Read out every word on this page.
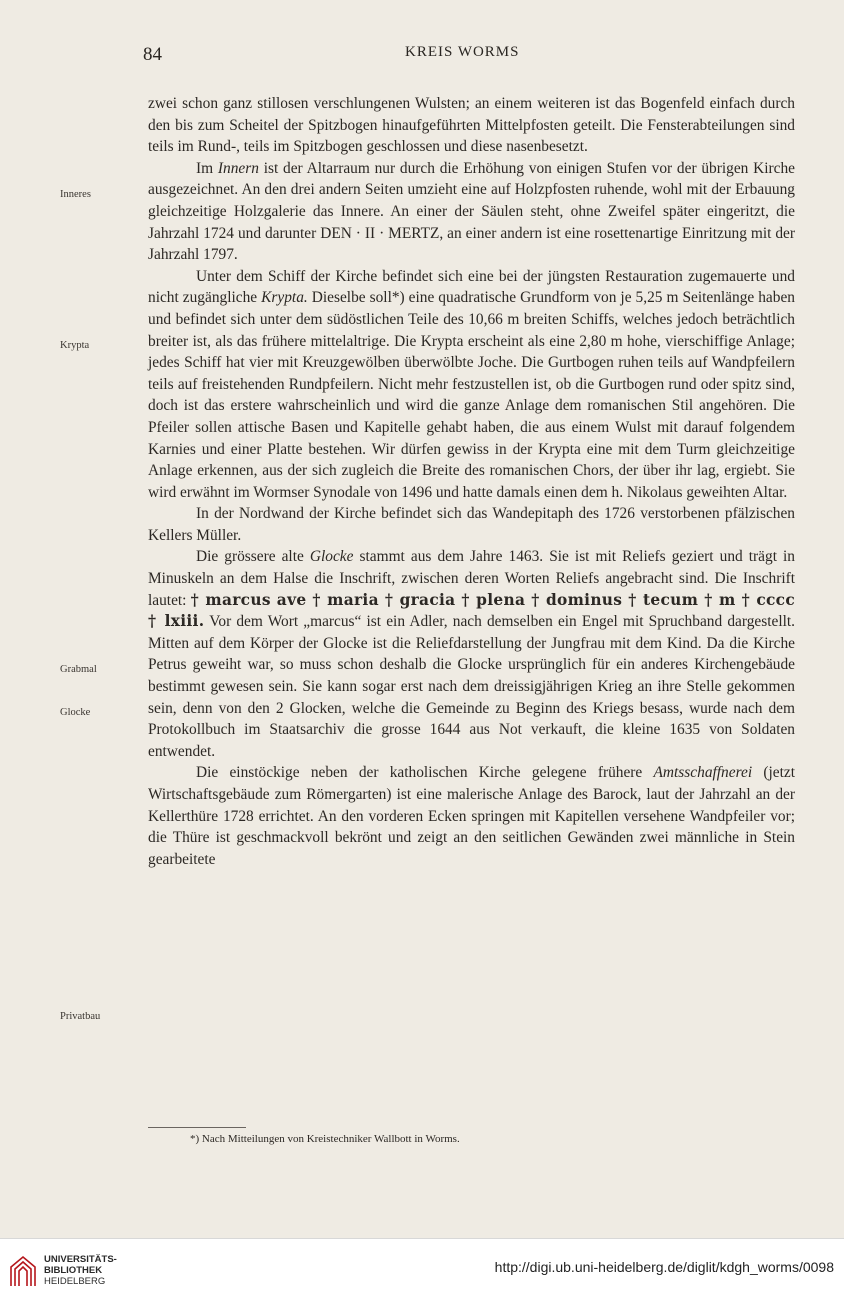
84	KREIS WORMS
Inneres
Krypta
Grabmal
Glocke
Privatbau

zwei schon ganz stillosen verschlungenen Wulsten; an einem weiteren ist das Bogenfeld einfach durch den bis zum Scheitel der Spitzbogen hinaufgeführten Mittelpfosten geteilt. Die Fensterabteilungen sind teils im Rund-, teils im Spitzbogen geschlossen und diese nasenbesetzt.

Im Innern ist der Altarraum nur durch die Erhöhung von einigen Stufen vor der übrigen Kirche ausgezeichnet. An den drei andern Seiten umzieht eine auf Holzpfosten ruhende, wohl mit der Erbauung gleichzeitige Holzgalerie das Innere. An einer der Säulen steht, ohne Zweifel später eingeritzt, die Jahrzahl 1724 und darunter DEN · II · MERTZ, an einer andern ist eine rosettenartige Einritzung mit der Jahrzahl 1797.

Unter dem Schiff der Kirche befindet sich eine bei der jüngsten Restauration zugemauerte und nicht zugängliche Krypta. Dieselbe soll*) eine quadratische Grundform von je 5,25 m Seitenlänge haben und befindet sich unter dem südöstlichen Teile des 10,66 m breiten Schiffs, welches jedoch beträchtlich breiter ist, als das frühere mittelaltrige. Die Krypta erscheint als eine 2,80 m hohe, vierschiffige Anlage; jedes Schiff hat vier mit Kreuzgewölben überwölbte Joche. Die Gurtbogen ruhen teils auf Wandpfeilern teils auf freistehenden Rundpfeilern. Nicht mehr festzustellen ist, ob die Gurtbogen rund oder spitz sind, doch ist das erstere wahrscheinlich und wird die ganze Anlage dem romanischen Stil angehören. Die Pfeiler sollen attische Basen und Kapitelle gehabt haben, die aus einem Wulst mit darauf folgendem Karnies und einer Platte bestehen. Wir dürfen gewiss in der Krypta eine mit dem Turm gleichzeitige Anlage erkennen, aus der sich zugleich die Breite des romanischen Chors, der über ihr lag, ergiebt. Sie wird erwähnt im Wormser Synodale von 1496 und hatte damals einen dem h. Nikolaus geweihten Altar.

In der Nordwand der Kirche befindet sich das Wandepitaph des 1726 verstorbenen pfälzischen Kellers Müller.

Die grössere alte Glocke stammt aus dem Jahre 1463. Sie ist mit Reliefs geziert und trägt in Minuskeln an dem Halse die Inschrift, zwischen deren Worten Reliefs angebracht sind. Die Inschrift lautet: † marcus ave † maria † gracia † plena † dominus † tecum † m † cccc † lxiii. Vor dem Wort „marcus“ ist ein Adler, nach demselben ein Engel mit Spruchband dargestellt. Mitten auf dem Körper der Glocke ist die Reliefdarstellung der Jungfrau mit dem Kind. Da die Kirche Petrus geweiht war, so muss schon deshalb die Glocke ursprünglich für ein anderes Kirchengebäude bestimmt gewesen sein. Sie kann sogar erst nach dem dreissigjährigen Krieg an ihre Stelle gekommen sein, denn von den 2 Glocken, welche die Gemeinde zu Beginn des Kriegs besass, wurde nach dem Protokollbuch im Staatsarchiv die grosse 1644 aus Not verkauft, die kleine 1635 von Soldaten entwendet.

Die einstöckige neben der katholischen Kirche gelegene frühere Amtsschaffnerei (jetzt Wirtschaftsgebäude zum Römergarten) ist eine malerische Anlage des Barock, laut der Jahrzahl an der Kellerthüre 1728 errichtet. An den vorderen Ecken springen mit Kapitellen versehene Wandpfeiler vor; die Thüre ist geschmackvoll bekrönt und zeigt an den seitlichen Gewänden zwei männliche in Stein gearbeitete

*) Nach Mitteilungen von Kreistechniker Wallbott in Worms.
UNIVERSITÄTS-
BIBLIOTHEK
HEIDELBERG
http://digi.ub.uni-heidelberg.de/diglit/kdgh_worms/0098
